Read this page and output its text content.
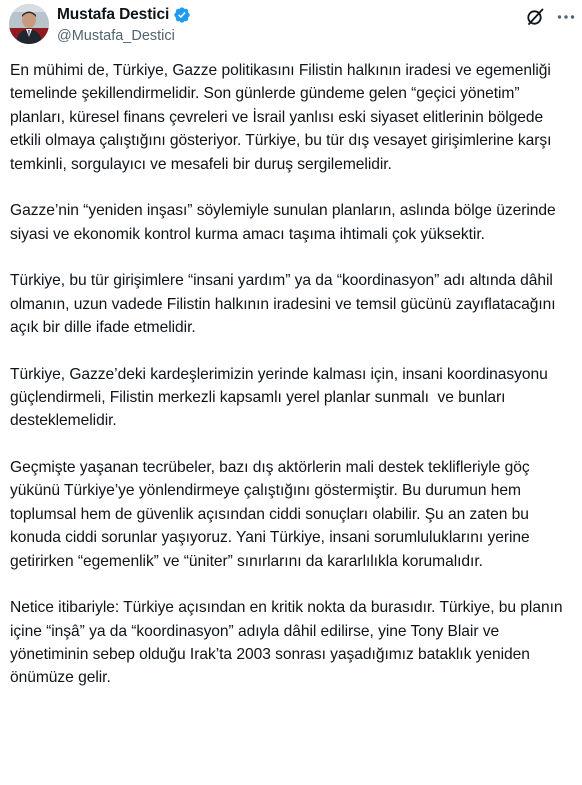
Mustafa Destici
@Mustafa_Destici

En mühimi de, Türkiye, Gazze politikasını Filistin halkının iradesi ve egemenliği temelinde şekillendirmelidir. Son günlerde gündeme gelen “geçici yönetim” planları, küresel finans çevreleri ve İsrail yanlısı eski siyaset elitlerinin bölgede etkili olmaya çalıştığını gösteriyor. Türkiye, bu tür dış vesayet girişimlerine karşı temkinli, sorgulayıcı ve mesafeli bir duruş sergilemelidir.

Gazze’nin “yeniden inşası” söylemiyle sunulan planların, aslında bölge üzerinde siyasi ve ekonomik kontrol kurma amacı taşıma ihtimali çok yüksektir.

Türkiye, bu tür girişimlere “insani yardım” ya da “koordinasyon” adı altında dâhil olmanın, uzun vadede Filistin halkının iradesini ve temsil gücünü zayıflatacağını açık bir dille ifade etmelidir.

Türkiye, Gazze’deki kardeşlerimizin yerinde kalması için, insani koordinasyonu güçlendirmeli, Filistin merkezli kapsamlı yerel planlar sunmalı  ve bunları desteklemelidir.

Geçmişte yaşanan tecrübeler, bazı dış aktörlerin mali destek teklifleriyle göç yükünü Türkiye’ye yönlendirmeye çalıştığını göstermiştir. Bu durumun hem toplumsal hem de güvenlik açısından ciddi sonuçları olabilir. Şu an zaten bu konuda ciddi sorunlar yaşıyoruz. Yani Türkiye, insani sorumluluklarını yerine getirirken “egemenlik” ve “üniter” sınırlarını da kararlılıkla korumalıdır.

Netice itibariyle: Türkiye açısından en kritik nokta da burasıdır. Türkiye, bu planın içine “inşâ” ya da “koordinasyon” adıyla dâhil edilirse, yine Tony Blair ve yönetiminin sebep olduğu Irak’ta 2003 sonrası yaşadığımız bataklık yeniden önümüze gelir.
